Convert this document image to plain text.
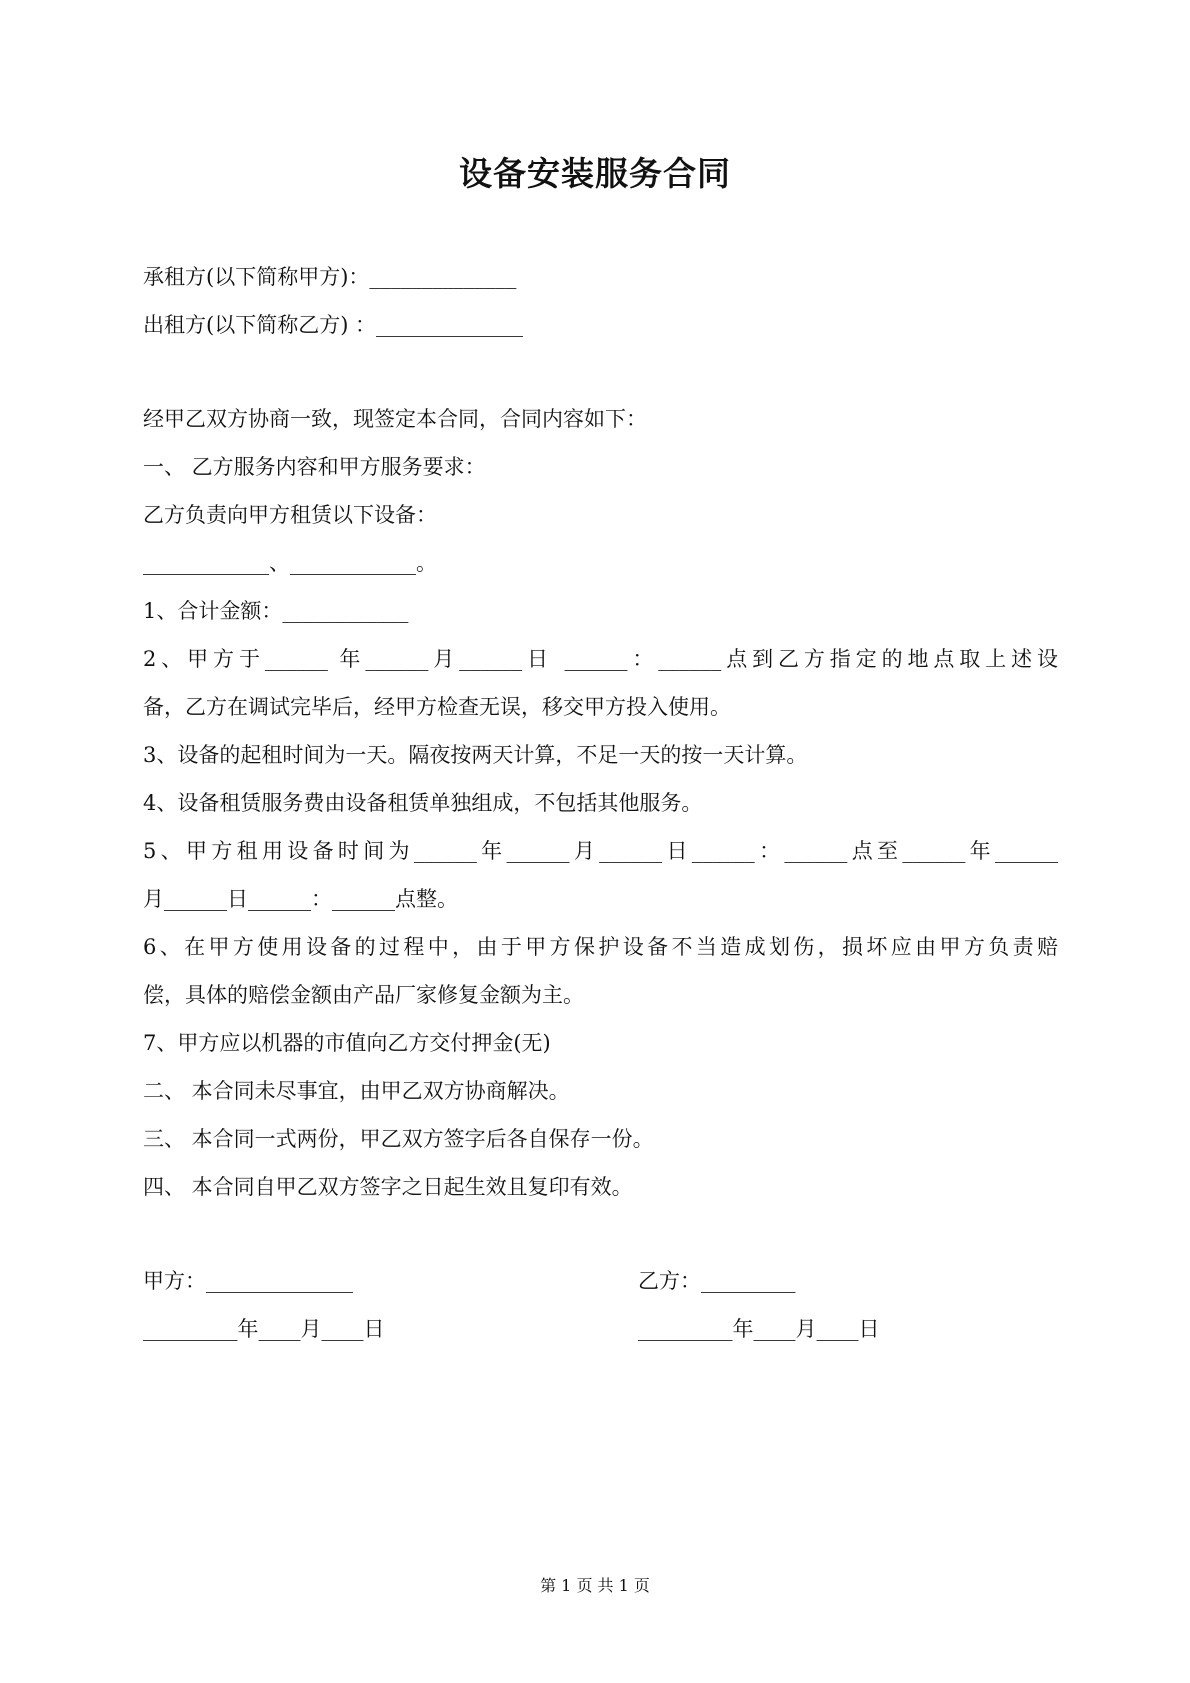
设备安装服务合同
承租方(以下简称甲方)：______________
出租方(以下简称乙方) ：______________
经甲乙双方协商一致，现签定本合同，合同内容如下：
一、 乙方服务内容和甲方服务要求：
乙方负责向甲方租赁以下设备：
____________、____________。
1、合计金额：____________
2、甲方于______ 年______月______日 ______：______点到乙方指定的地点取上述设
备，乙方在调试完毕后，经甲方检查无误，移交甲方投入使用。
3、设备的起租时间为一天。隔夜按两天计算，不足一天的按一天计算。
4、设备租赁服务费由设备租赁单独组成，不包括其他服务。
5、甲方租用设备时间为______年______月______日______：______点至______年______
月______日______：______点整。
6、在甲方使用设备的过程中，由于甲方保护设备不当造成划伤，损坏应由甲方负责赔
偿，具体的赔偿金额由产品厂家修复金额为主。
7、甲方应以机器的市值向乙方交付押金(无)
二、 本合同未尽事宜，由甲乙双方协商解决。
三、 本合同一式两份，甲乙双方签字后各自保存一份。
四、 本合同自甲乙双方签字之日起生效且复印有效。
甲方：______________	乙方：_________
_________年____月____日	_________年____月____日
第 1 页 共 1 页
